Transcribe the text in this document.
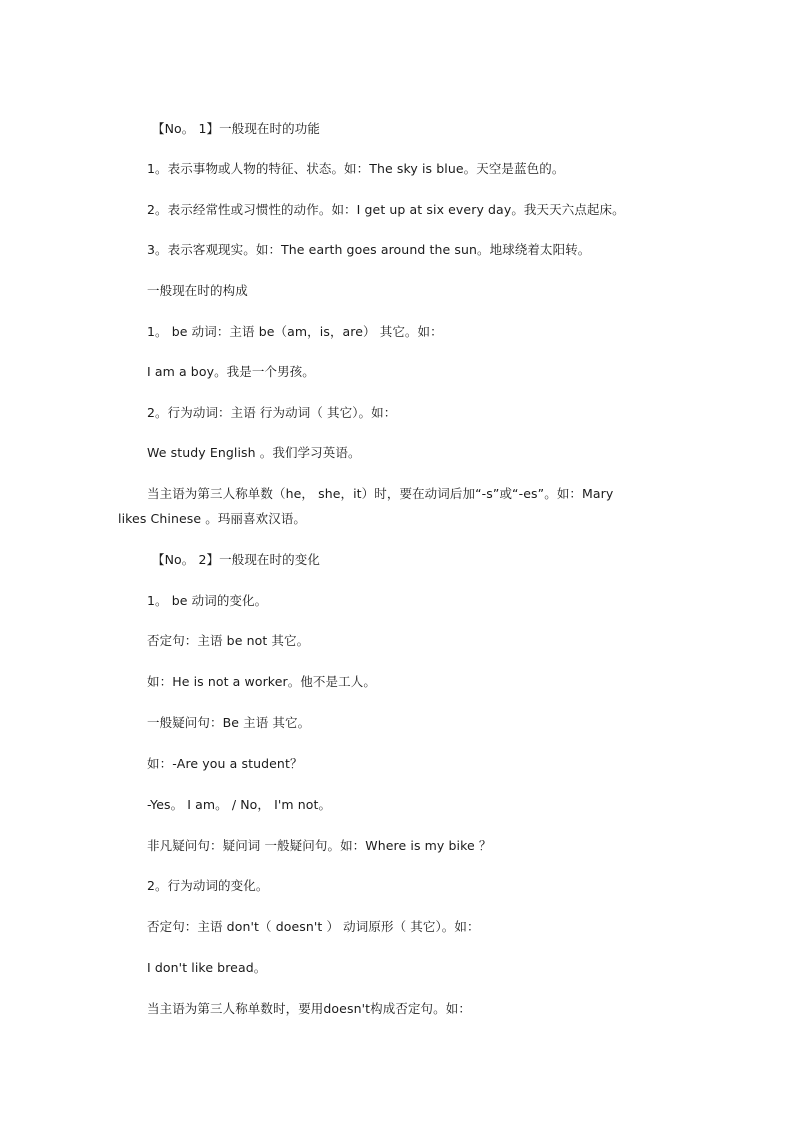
【No。 1】一般现在时的功能
1。表示事物或人物的特征、状态。如：The sky is blue。天空是蓝色的。
2。表示经常性或习惯性的动作。如：I get up at six every day。我天天六点起床。
3。表示客观现实。如：The earth goes around the sun。地球绕着太阳转。
一般现在时的构成
1。 be 动词：主语 be（am，is，are） 其它。如：
I am a boy。我是一个男孩。
2。行为动词：主语 行为动词（ 其它）。如：
We study English 。我们学习英语。
当主语为第三人称单数（he， she，it）时，要在动词后加“-s”或“-es”。如：Mary
likes Chinese 。玛丽喜欢汉语。
【No。 2】一般现在时的变化
1。 be 动词的变化。
否定句：主语 be not 其它。
如：He is not a worker。他不是工人。
一般疑问句：Be 主语 其它。
如：-Are you a student？
-Yes。 I am。 / No， I'm not。
非凡疑问句：疑问词 一般疑问句。如：Where is my bike ？
2。行为动词的变化。
否定句：主语 don't（ doesn't ） 动词原形（ 其它）。如：
I don't like bread。
当主语为第三人称单数时，要用doesn't构成否定句。如：
